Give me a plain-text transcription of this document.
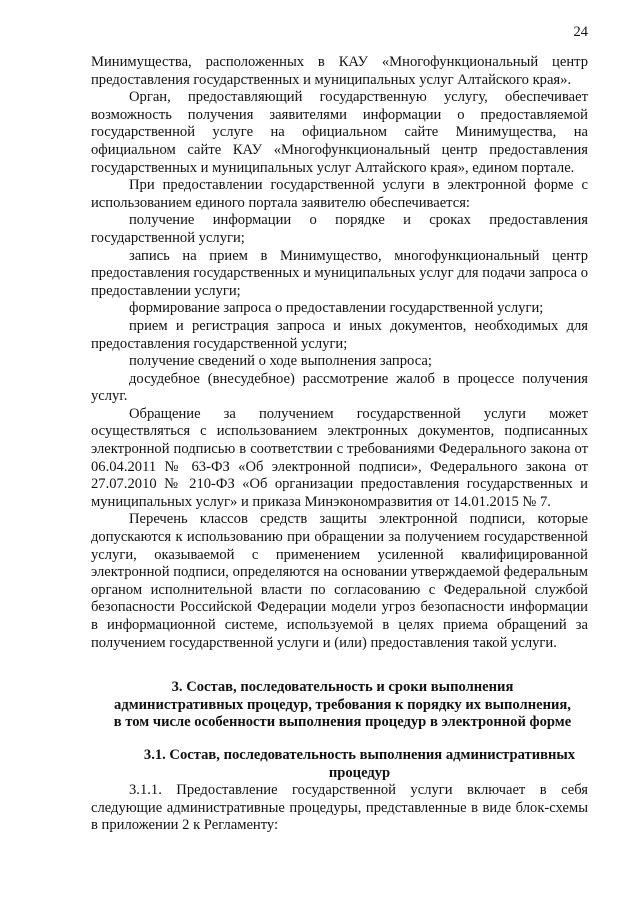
24

Минимущества, расположенных в КАУ «Многофункциональный центр предоставления государственных и муниципальных услуг Алтайского края».

Орган, предоставляющий государственную услугу, обеспечивает возможность получения заявителями информации о предоставляемой государственной услуге на официальном сайте Минимущества, на официальном сайте КАУ «Многофункциональный центр предоставления государственных и муниципальных услуг Алтайского края», едином портале.

При предоставлении государственной услуги в электронной форме с использованием единого портала заявителю обеспечивается:

получение информации о порядке и сроках предоставления государственной услуги;

запись на прием в Минимущество, многофункциональный центр предоставления государственных и муниципальных услуг для подачи запроса о предоставлении услуги;

формирование запроса о предоставлении государственной услуги;

прием и регистрация запроса и иных документов, необходимых для предоставления государственной услуги;

получение сведений о ходе выполнения запроса;

досудебное (внесудебное) рассмотрение жалоб в процессе получения услуг.

Обращение за получением государственной услуги может осуществляться с использованием электронных документов, подписанных электронной подписью в соответствии с требованиями Федерального закона от 06.04.2011 № 63-ФЗ «Об электронной подписи», Федерального закона от 27.07.2010 № 210-ФЗ «Об организации предоставления государственных и муниципальных услуг» и приказа Минэкономразвития от 14.01.2015 № 7.

Перечень классов средств защиты электронной подписи, которые допускаются к использованию при обращении за получением государственной услуги, оказываемой с применением усиленной квалифицированной электронной подписи, определяются на основании утверждаемой федеральным органом исполнительной власти по согласованию с Федеральной службой безопасности Российской Федерации модели угроз безопасности информации в информационной системе, используемой в целях приема обращений за получением государственной услуги и (или) предоставления такой услуги.

3. Состав, последовательность и сроки выполнения
административных процедур, требования к порядку их выполнения,
в том числе особенности выполнения процедур в электронной форме
3.1. Состав, последовательность выполнения административных
процедур

3.1.1. Предоставление государственной услуги включает в себя следующие административные процедуры, представленные в виде блок-схемы в приложении 2 к Регламенту:
